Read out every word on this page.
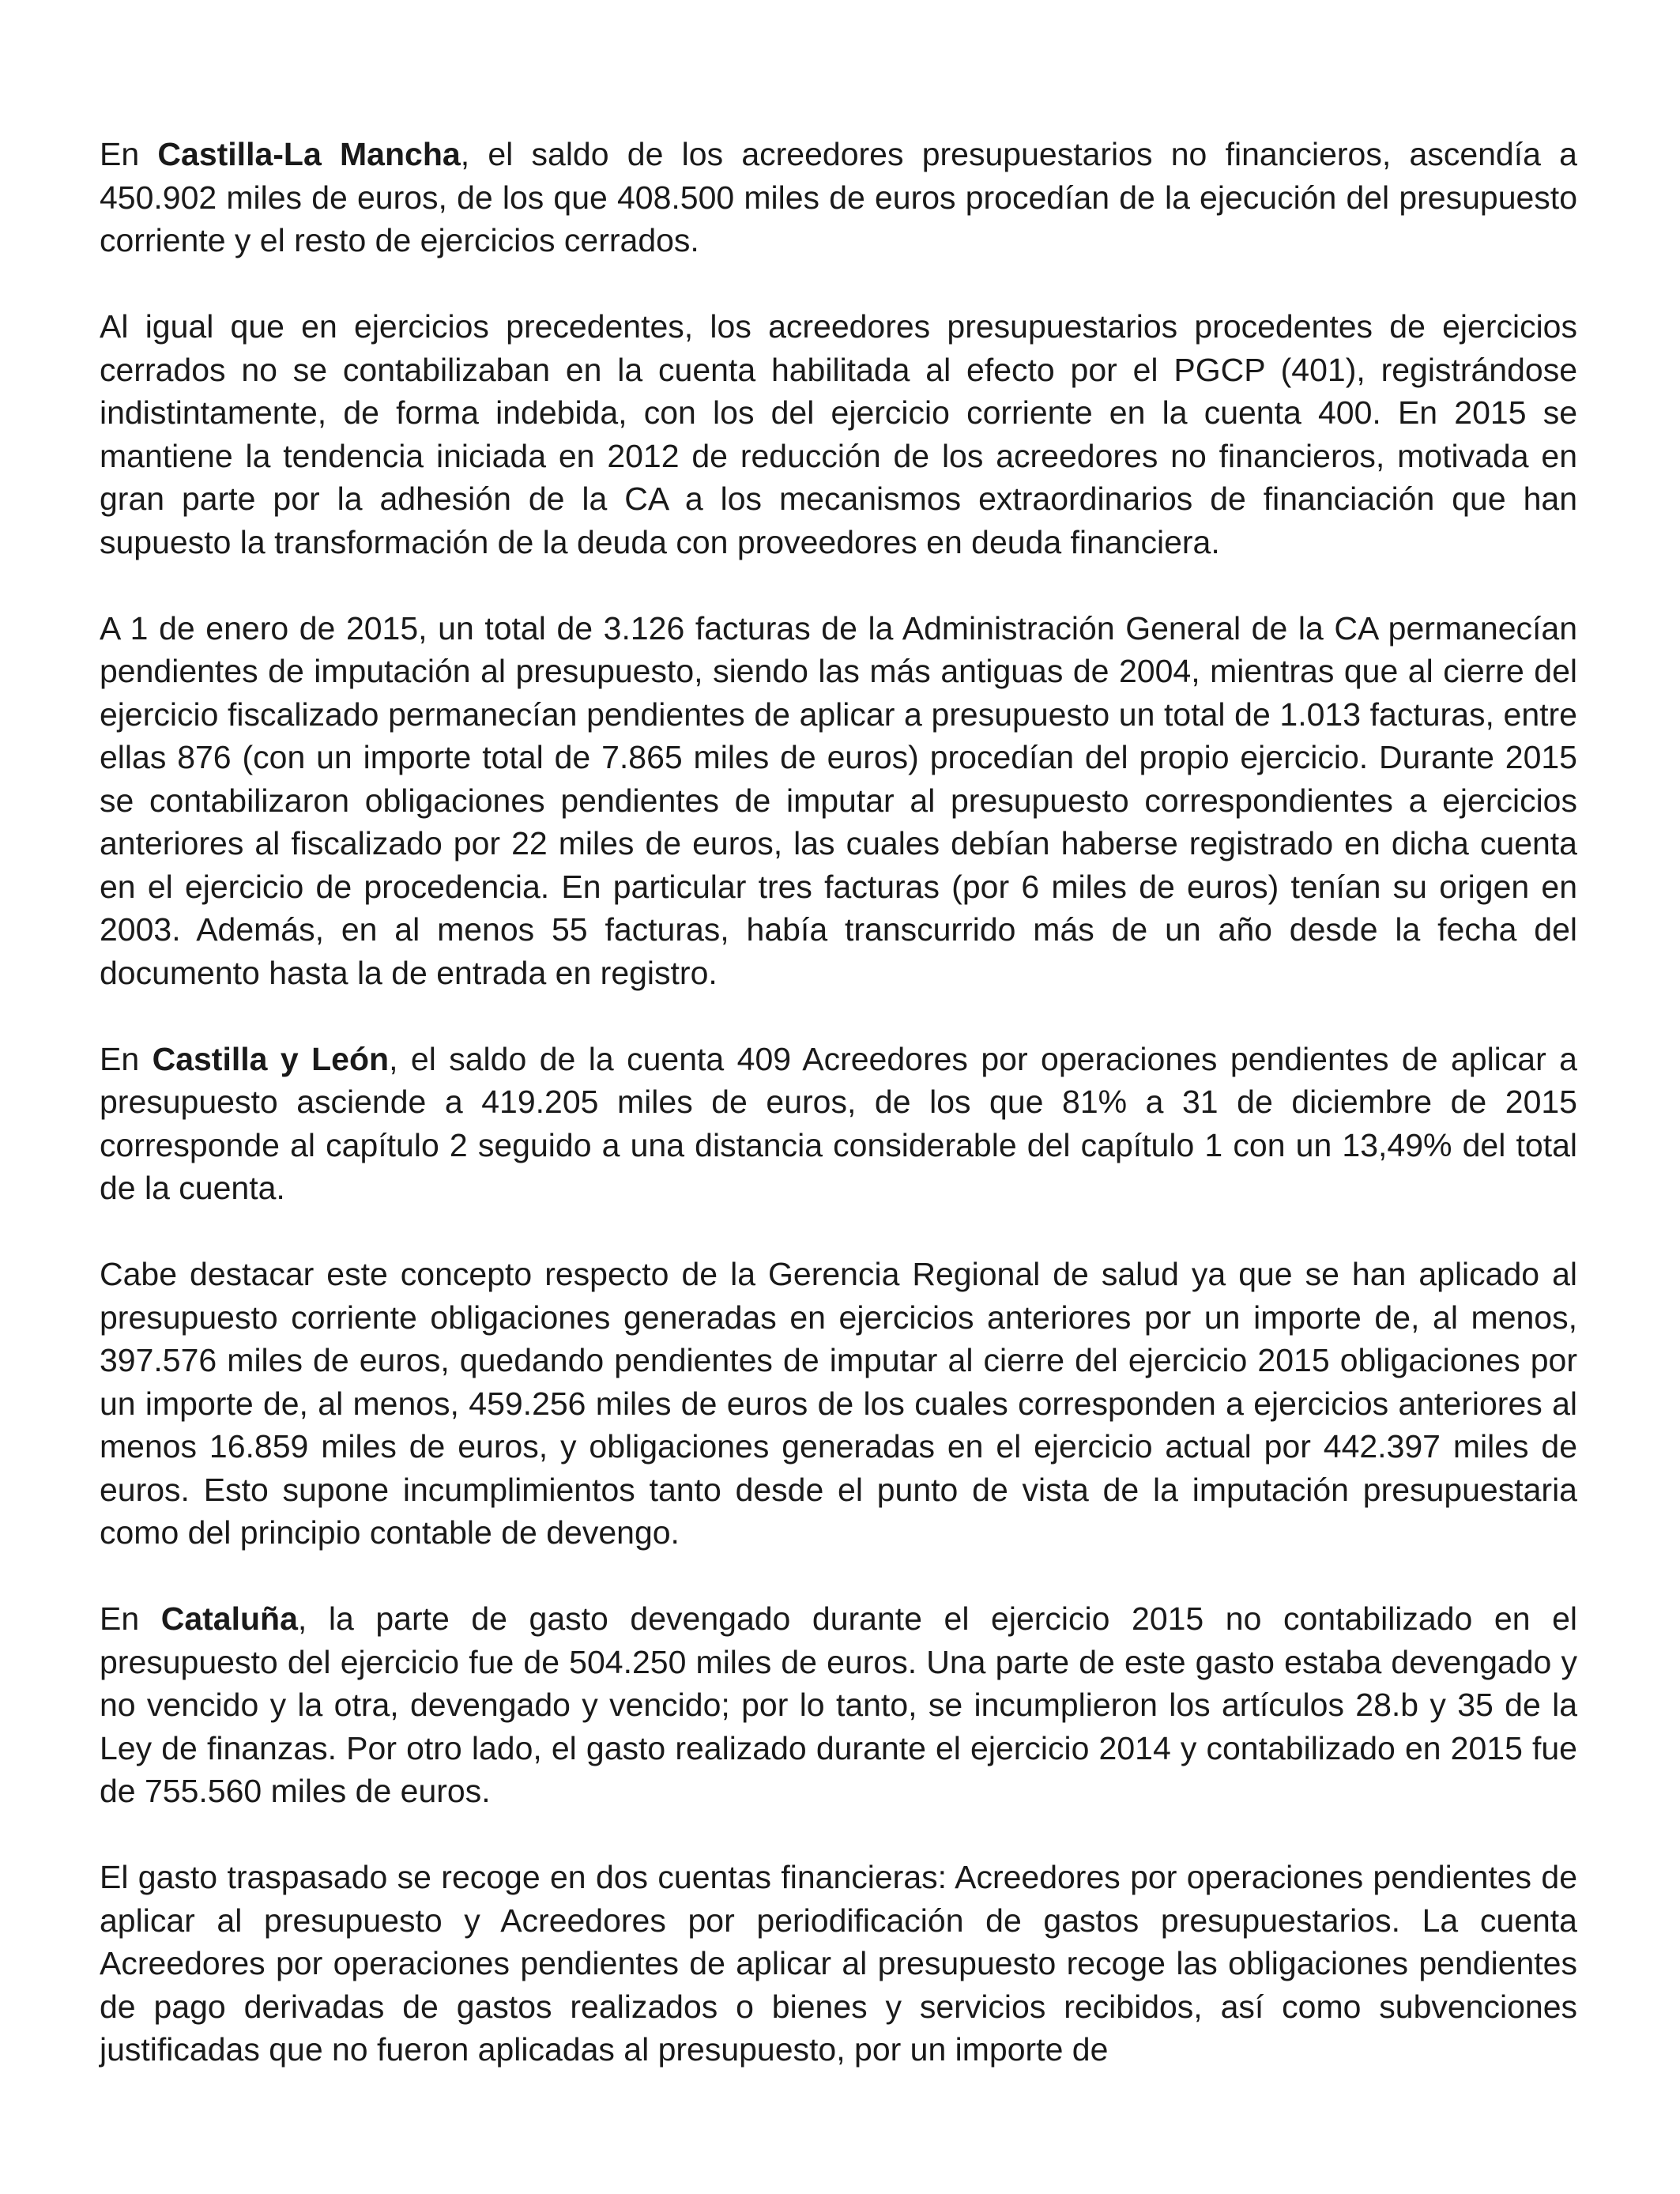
En Castilla-La Mancha, el saldo de los acreedores presupuestarios no financieros, ascendía a 450.902 miles de euros, de los que 408.500 miles de euros procedían de la ejecución del presupuesto corriente y el resto de ejercicios cerrados.

Al igual que en ejercicios precedentes, los acreedores presupuestarios procedentes de ejercicios cerrados no se contabilizaban en la cuenta habilitada al efecto por el PGCP (401), registrándose indistintamente, de forma indebida, con los del ejercicio corriente en la cuenta 400. En 2015 se mantiene la tendencia iniciada en 2012 de reducción de los acreedores no financieros, motivada en gran parte por la adhesión de la CA a los mecanismos extraordinarios de financiación que han supuesto la transformación de la deuda con proveedores en deuda financiera.

A 1 de enero de 2015, un total de 3.126 facturas de la Administración General de la CA permanecían pendientes de imputación al presupuesto, siendo las más antiguas de 2004, mientras que al cierre del ejercicio fiscalizado permanecían pendientes de aplicar a presupuesto un total de 1.013 facturas, entre ellas 876 (con un importe total de 7.865 miles de euros) procedían del propio ejercicio. Durante 2015 se contabilizaron obligaciones pendientes de imputar al presupuesto correspondientes a ejercicios anteriores al fiscalizado por 22 miles de euros, las cuales debían haberse registrado en dicha cuenta en el ejercicio de procedencia. En particular tres facturas (por 6 miles de euros) tenían su origen en 2003. Además, en al menos 55 facturas, había transcurrido más de un año desde la fecha del documento hasta la de entrada en registro.

En Castilla y León, el saldo de la cuenta 409 Acreedores por operaciones pendientes de aplicar a presupuesto asciende a 419.205 miles de euros, de los que 81% a 31 de diciembre de 2015 corresponde al capítulo 2 seguido a una distancia considerable del capítulo 1 con un 13,49% del total de la cuenta.

Cabe destacar este concepto respecto de la Gerencia Regional de salud ya que se han aplicado al presupuesto corriente obligaciones generadas en ejercicios anteriores por un importe de, al menos, 397.576 miles de euros, quedando pendientes de imputar al cierre del ejercicio 2015 obligaciones por un importe de, al menos, 459.256 miles de euros de los cuales corresponden a ejercicios anteriores al menos 16.859 miles de euros, y obligaciones generadas en el ejercicio actual por 442.397 miles de euros. Esto supone incumplimientos tanto desde el punto de vista de la imputación presupuestaria como del principio contable de devengo.

En Cataluña, la parte de gasto devengado durante el ejercicio 2015 no contabilizado en el presupuesto del ejercicio fue de 504.250 miles de euros. Una parte de este gasto estaba devengado y no vencido y la otra, devengado y vencido; por lo tanto, se incumplieron los artículos 28.b y 35 de la Ley de finanzas. Por otro lado, el gasto realizado durante el ejercicio 2014 y contabilizado en 2015 fue de 755.560 miles de euros.

El gasto traspasado se recoge en dos cuentas financieras: Acreedores por operaciones pendientes de aplicar al presupuesto y Acreedores por periodificación de gastos presupuestarios. La cuenta Acreedores por operaciones pendientes de aplicar al presupuesto recoge las obligaciones pendientes de pago derivadas de gastos realizados o bienes y servicios recibidos, así como subvenciones justificadas que no fueron aplicadas al presupuesto, por un importe de
